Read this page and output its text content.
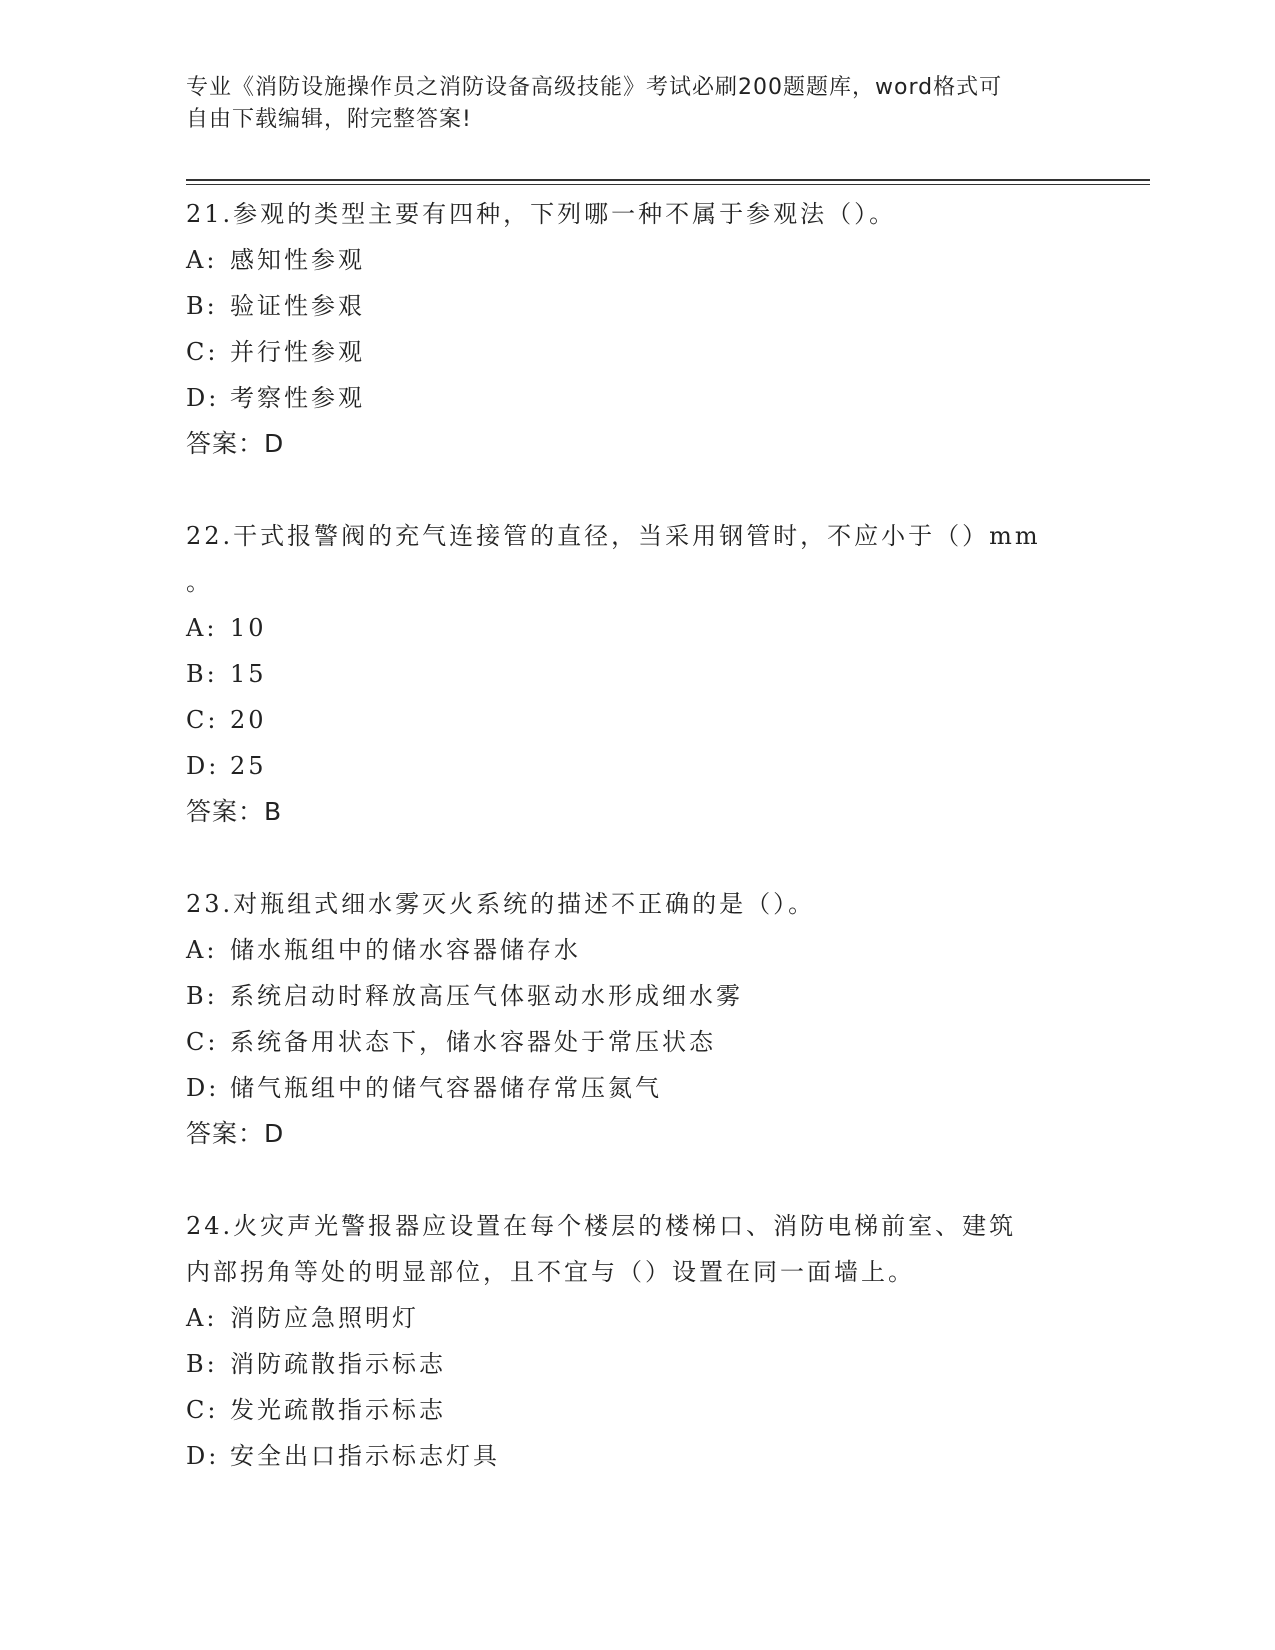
专业《消防设施操作员之消防设备高级技能》考试必刷200题题库，word格式可
自由下载编辑，附完整答案!
21.参观的类型主要有四种，下列哪一种不属于参观法（）。
A: 感知性参观
B: 验证性参艰
C: 并行性参观
D: 考察性参观
答案：D
22.干式报警阀的充气连接管的直径，当采用钢管时，不应小于（）mm
。
A: 10
B: 15
C: 20
D: 25
答案：B
23.对瓶组式细水雾灭火系统的描述不正确的是（）。
A: 储水瓶组中的储水容器储存水
B: 系统启动时释放高压气体驱动水形成细水雾
C: 系统备用状态下，储水容器处于常压状态
D: 储气瓶组中的储气容器储存常压氮气
答案：D
24.火灾声光警报器应设置在每个楼层的楼梯口、消防电梯前室、建筑
内部拐角等处的明显部位，且不宜与（）设置在同一面墙上。
A: 消防应急照明灯
B: 消防疏散指示标志
C: 发光疏散指示标志
D: 安全出口指示标志灯具
